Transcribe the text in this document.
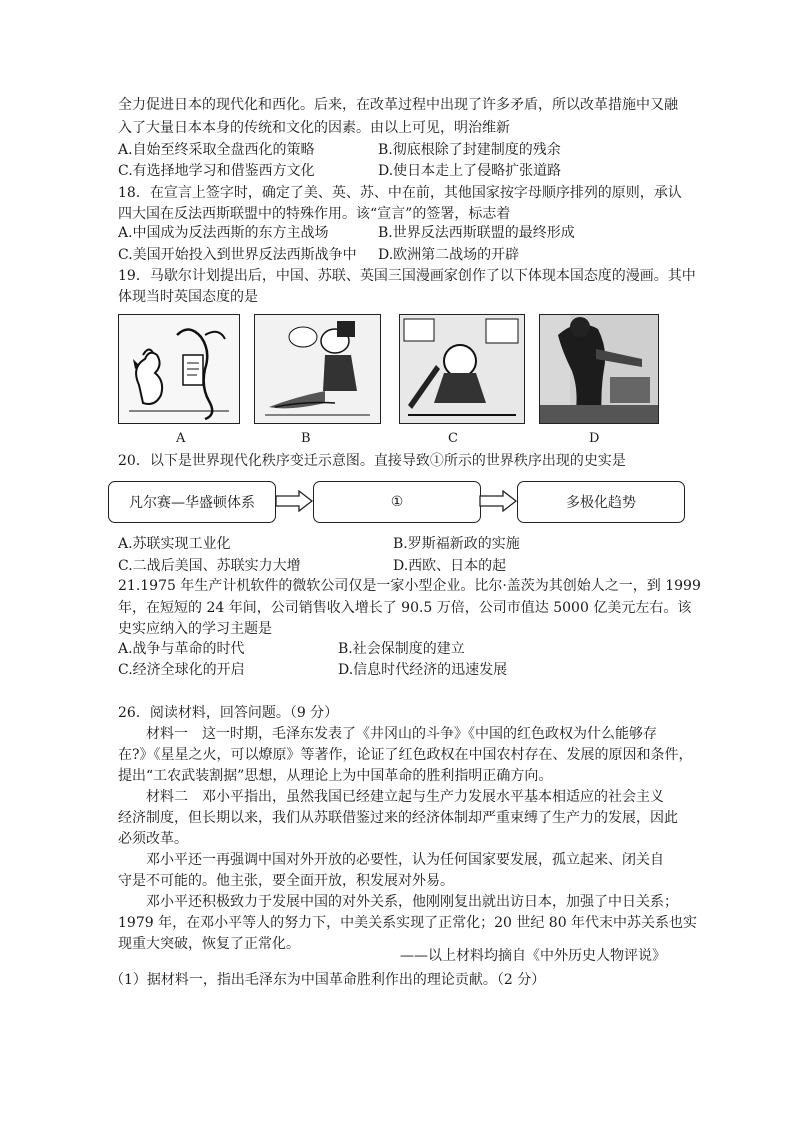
全力促进日本的现代化和西化。后来，在改革过程中出现了许多矛盾，所以改革措施中又融
入了大量日本本身的传统和文化的因素。由以上可见，明治维新
A.自始至终采取全盘西化的策略	B.彻底根除了封建制度的残余
C.有选择地学习和借鉴西方文化	D.使日本走上了侵略扩张道路
18．在宣言上签字时，确定了美、英、苏、中在前，其他国家按字母顺序排列的原则，承认
四大国在反法西斯联盟中的特殊作用。该“宣言”的签署，标志着
A.中国成为反法西斯的东方主战场	B.世界反法西斯联盟的最终形成
C.美国开始投入到世界反法西斯战争中 D.欧洲第二战场的开辟
19．马歇尔计划提出后，中国、苏联、英国三国漫画家创作了以下体现本国态度的漫画。其中
体现当时英国态度的是
A	B	C	D
20．以下是世界现代化秩序变迁示意图。直接导致①所示的世界秩序出现的史实是
凡尔赛—华盛顿体系	①	多极化趋势
A.苏联实现工业化	B.罗斯福新政的实施
C.二战后美国、苏联实力大增	D.西欧、日本的起
21.1975 年生产计机软件的微软公司仅是一家小型企业。比尔·盖茨为其创始人之一，到 1999
年，在短短的 24 年间，公司销售收入增长了 90.5 万倍，公司市值达 5000 亿美元左右。该
史实应纳入的学习主题是
A.战争与革命的时代	B.社会保制度的建立
C.经济全球化的开启	D.信息时代经济的迅速发展
26．阅读材料，回答问题。（9 分）
材料一　这一时期，毛泽东发表了《井冈山的斗争》《中国的红色政权为什么能够存
在?》《星星之火，可以燎原》等著作，论证了红色政权在中国农村存在、发展的原因和条件，
提出“工农武装割据”思想，从理论上为中国革命的胜利指明正确方向。
材料二　邓小平指出，虽然我国已经建立起与生产力发展水平基本相适应的社会主义
经济制度，但长期以来，我们从苏联借鉴过来的经济体制却严重束缚了生产力的发展，因此
必须改革。
邓小平还一再强调中国对外开放的必要性，认为任何国家要发展，孤立起来、闭关自
守是不可能的。他主张，要全面开放，积发展对外易。
邓小平还积极致力于发展中国的对外关系，他刚刚复出就出访日本，加强了中日关系；
1979 年，在邓小平等人的努力下，中美关系实现了正常化；20 世纪 80 年代末中苏关系也实
现重大突破，恢复了正常化。
——以上材料均摘自《中外历史人物评说》
（1）据材料一，指出毛泽东为中国革命胜利作出的理论贡献。（2 分）
